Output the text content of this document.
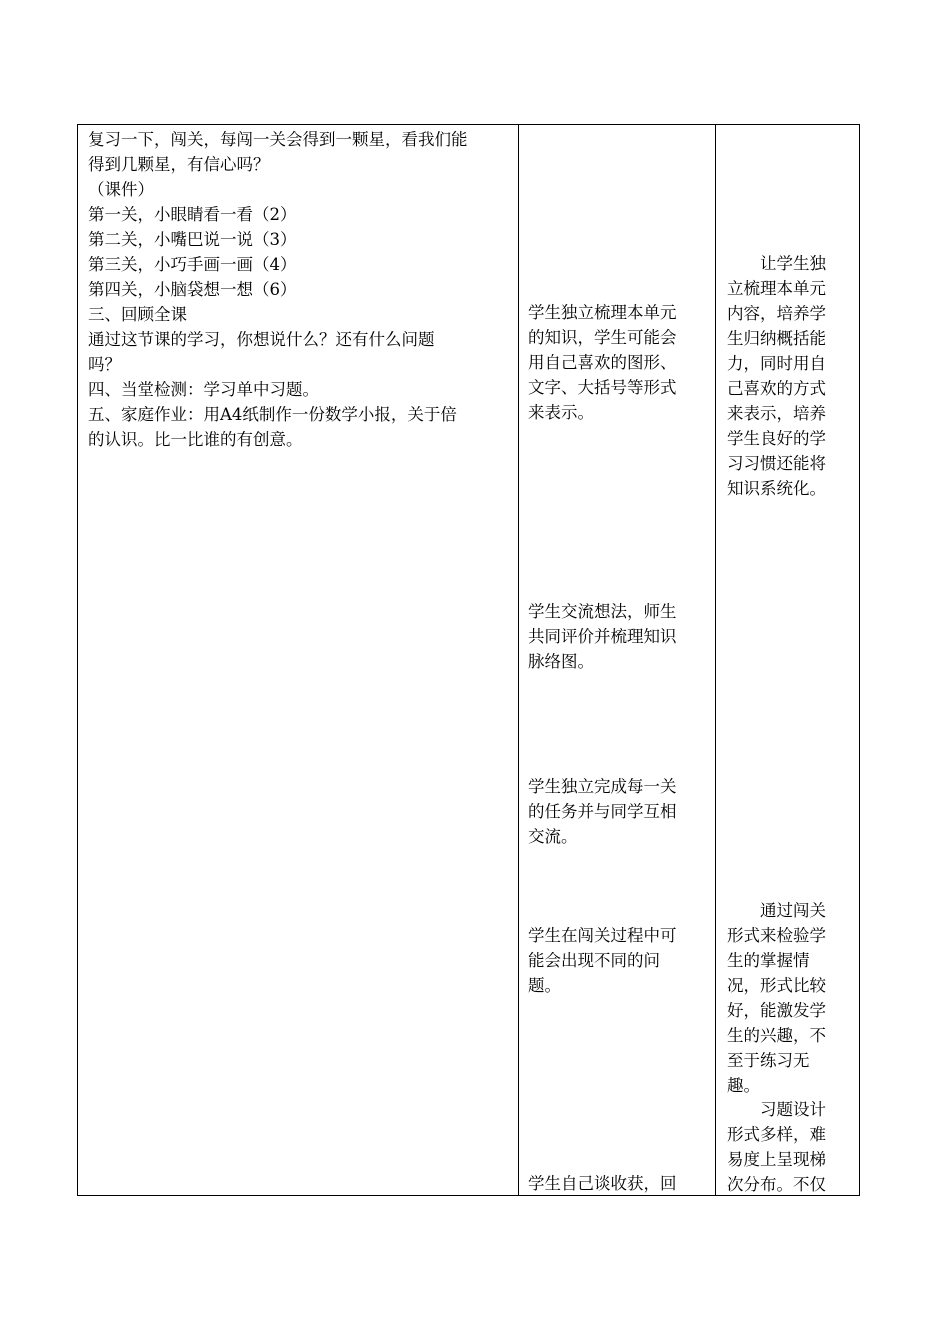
复习一下，闯关，每闯一关会得到一颗星，看我们能
得到几颗星，有信心吗？
（课件）
第一关，小眼睛看一看（2）
第二关，小嘴巴说一说（3）
第三关，小巧手画一画（4）
第四关，小脑袋想一想（6）
三、回顾全课
通过这节课的学习，你想说什么？还有什么问题
吗？
四、当堂检测：学习单中习题。
五、家庭作业：用A4纸制作一份数学小报，关于倍
的认识。比一比谁的有创意。
学生独立梳理本单元
的知识，学生可能会
用自己喜欢的图形、
文字、大括号等形式
来表示。
学生交流想法，师生
共同评价并梳理知识
脉络图。
学生独立完成每一关
的任务并与同学互相
交流。
学生在闯关过程中可
能会出现不同的问
题。
学生自己谈收获，回
　　让学生独
立梳理本单元
内容，培养学
生归纳概括能
力，同时用自
己喜欢的方式
来表示，培养
学生良好的学
习习惯还能将
知识系统化。
　　通过闯关
形式来检验学
生的掌握情
况，形式比较
好，能激发学
生的兴趣，不
至于练习无
趣。
　　习题设计
形式多样，难
易度上呈现梯
次分布。不仅
